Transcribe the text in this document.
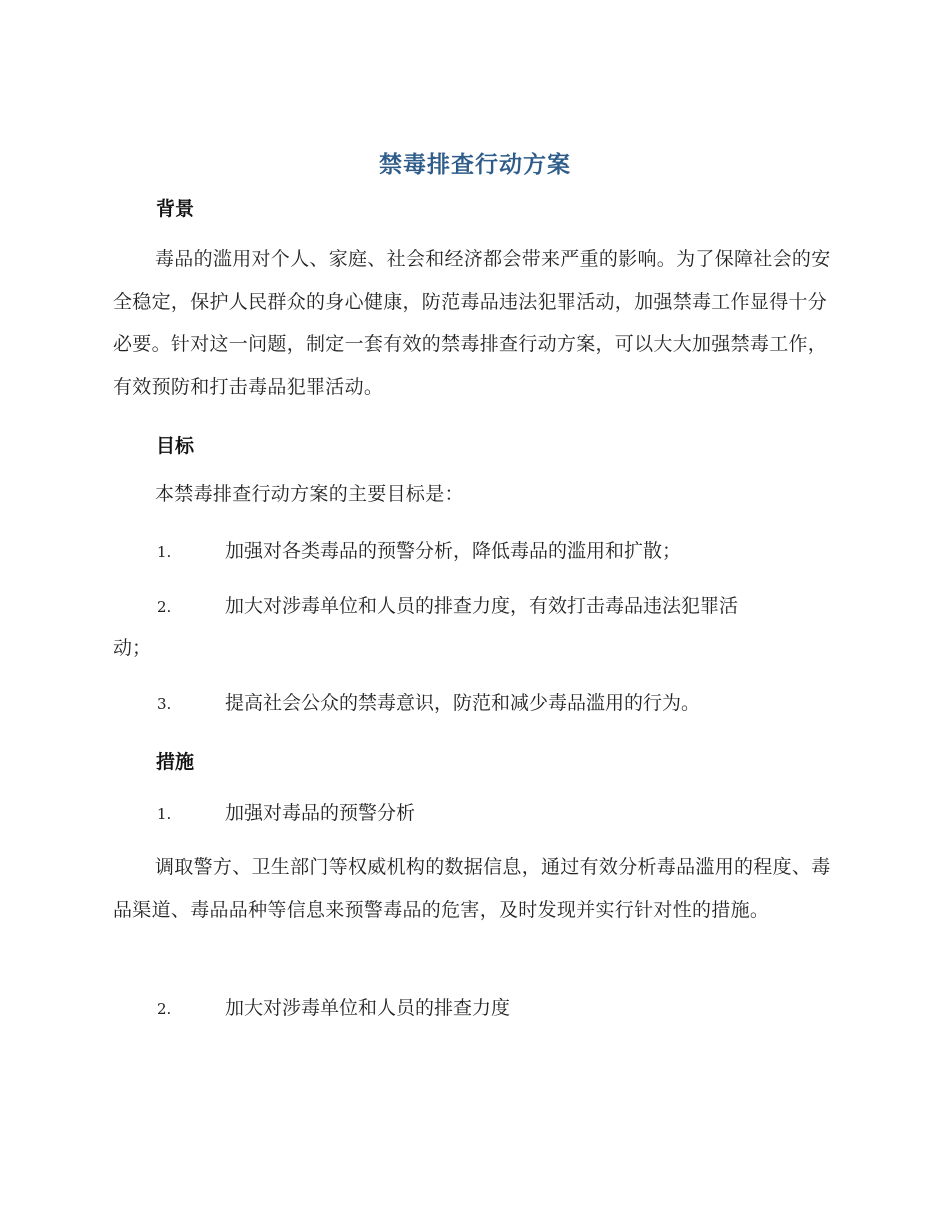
禁毒排查行动方案
背景
毒品的滥用对个人、家庭、社会和经济都会带来严重的影响。为了保障社会的安全稳定，保护人民群众的身心健康，防范毒品违法犯罪活动，加强禁毒工作显得十分必要。针对这一问题，制定一套有效的禁毒排查行动方案，可以大大加强禁毒工作，有效预防和打击毒品犯罪活动。
目标
本禁毒排查行动方案的主要目标是：
1.	加强对各类毒品的预警分析，降低毒品的滥用和扩散；
2.	加大对涉毒单位和人员的排查力度，有效打击毒品违法犯罪活
动；
3.	提高社会公众的禁毒意识，防范和减少毒品滥用的行为。
措施
1.	加强对毒品的预警分析
调取警方、卫生部门等权威机构的数据信息，通过有效分析毒品滥用的程度、毒品渠道、毒品品种等信息来预警毒品的危害，及时发现并实行针对性的措施。
2.	加大对涉毒单位和人员的排查力度
